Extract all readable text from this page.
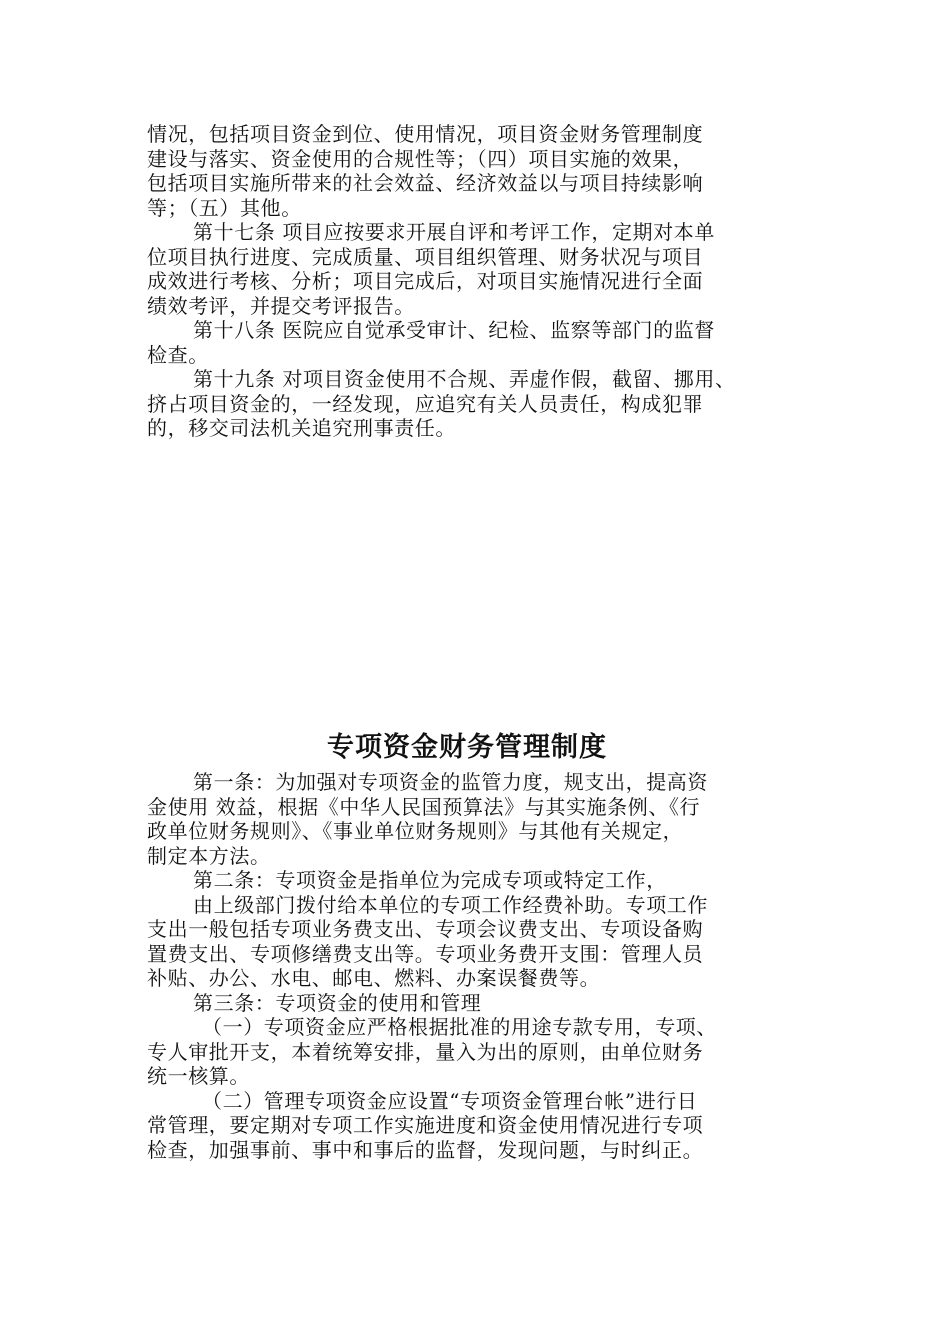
情况，包括项目资金到位、使用情况，项目资金财务管理制度
建设与落实、资金使用的合规性等；（四）项目实施的效果，
包括项目实施所带来的社会效益、经济效益以与项目持续影响
等；（五）其他。
第十七条 项目应按要求开展自评和考评工作，定期对本单
位项目执行进度、完成质量、项目组织管理、财务状况与项目
成效进行考核、分析；项目完成后，对项目实施情况进行全面
绩效考评，并提交考评报告。
第十八条 医院应自觉承受审计、纪检、监察等部门的监督
检查。
第十九条 对项目资金使用不合规、弄虚作假，截留、挪用、
挤占项目资金的，一经发现，应追究有关人员责任，构成犯罪
的，移交司法机关追究刑事责任。
专项资金财务管理制度
第一条：为加强对专项资金的监管力度，规支出，提高资
金使用 效益，根据《中华人民国预算法》与其实施条例、《行
政单位财务规则》、《事业单位财务规则》与其他有关规定，
制定本方法。
第二条：专项资金是指单位为完成专项或特定工作，
由上级部门拨付给本单位的专项工作经费补助。专项工作
支出一般包括专项业务费支出、专项会议费支出、专项设备购
置费支出、专项修缮费支出等。专项业务费开支围：管理人员
补贴、办公、水电、邮电、燃料、办案误餐费等。
第三条：专项资金的使用和管理
（一）专项资金应严格根据批准的用途专款专用，专项、
专人审批开支，本着统筹安排，量入为出的原则，由单位财务
统一核算。
（二）管理专项资金应设置“专项资金管理台帐”进行日
常管理，要定期对专项工作实施进度和资金使用情况进行专项
检查，加强事前、事中和事后的监督，发现问题，与时纠正。
